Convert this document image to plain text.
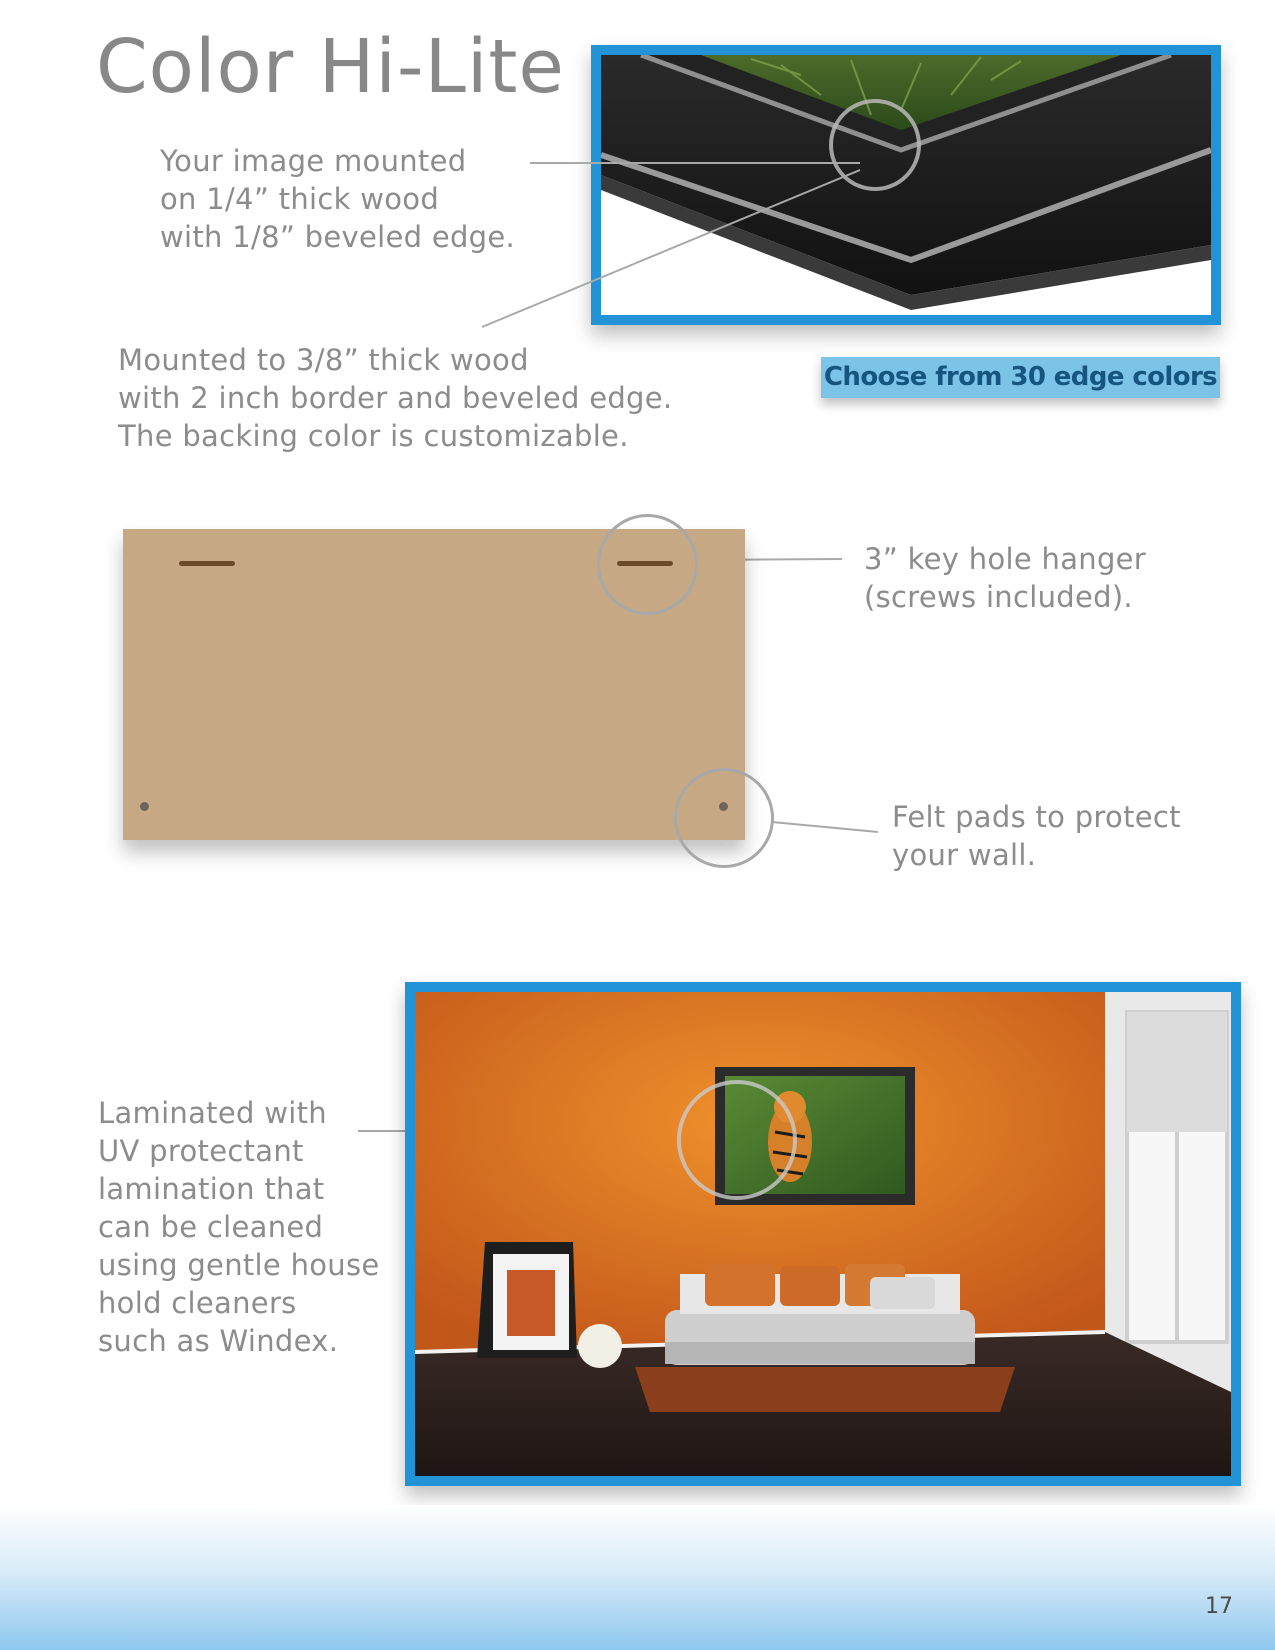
Color Hi-Lite
Your image mounted
on 1/4” thick wood
with 1/8” beveled edge.
Mounted to 3/8” thick wood
with 2 inch border and beveled edge.
The backing color is customizable.
Choose from 30 edge colors
3” key hole hanger
(screws included).
Felt pads to protect
your wall.
Laminated with
UV protectant
lamination that
can be cleaned
using gentle house
hold cleaners
such as Windex.
17
